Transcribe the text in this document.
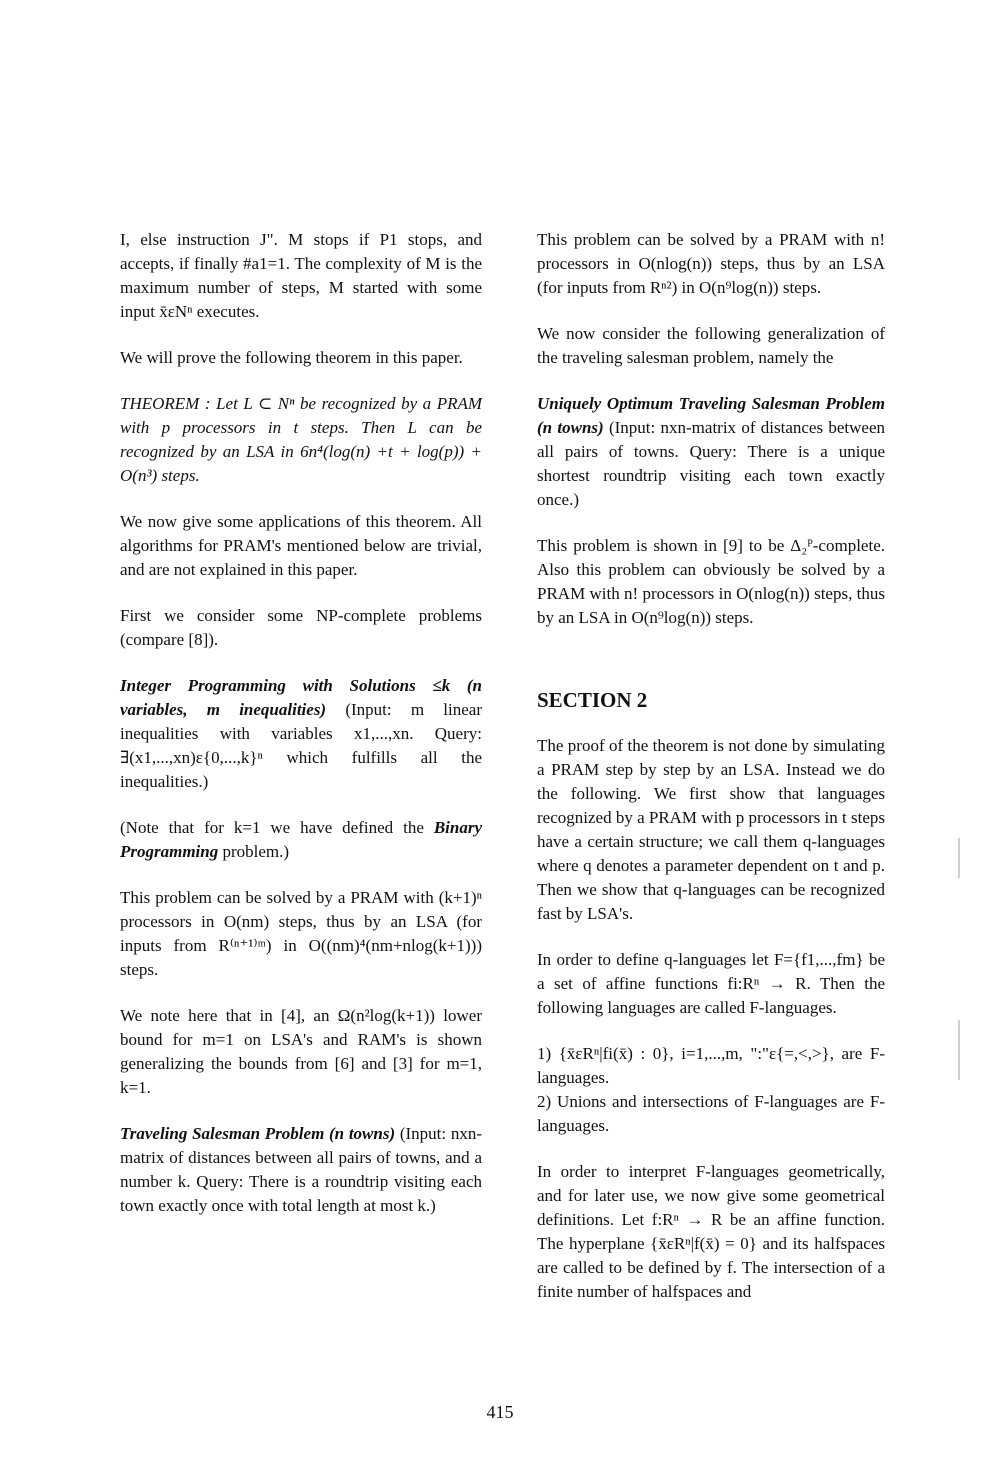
I, else instruction J". M stops if P1 stops, and accepts, if finally #a1=1. The complexity of M is the maximum number of steps, M started with some input x̄εNⁿ executes.

We will prove the following theorem in this paper.

THEOREM : Let L ⊂ Nⁿ be recognized by a PRAM with p processors in t steps. Then L can be recognized by an LSA in 6n⁴(log(n) +t + log(p)) + O(n³) steps.

We now give some applications of this theorem. All algorithms for PRAM's mentioned below are trivial, and are not explained in this paper.

First we consider some NP-complete problems (compare [8]).

Integer Programming with Solutions ≤k (n variables, m inequalities) (Input: m linear inequalities with variables x1,...,xn. Query: ∃(x1,...,xn)ε{0,...,k}ⁿ which fulfills all the inequalities.)

(Note that for k=1 we have defined the Binary Programming problem.)

This problem can be solved by a PRAM with (k+1)ⁿ processors in O(nm) steps, thus by an LSA (for inputs from R⁽ⁿ⁺¹⁾ᵐ) in O((nm)⁴(nm+nlog(k+1))) steps.

We note here that in [4], an Ω(n²log(k+1)) lower bound for m=1 on LSA's and RAM's is shown generalizing the bounds from [6] and [3] for m=1, k=1.

Traveling Salesman Problem (n towns) (Input: nxn-matrix of distances between all pairs of towns, and a number k. Query: There is a roundtrip visiting each town exactly once with total length at most k.)

This problem can be solved by a PRAM with n! processors in O(nlog(n)) steps, thus by an LSA (for inputs from Rⁿ²) in O(n⁹log(n)) steps.

We now consider the following generalization of the traveling salesman problem, namely the

Uniquely Optimum Traveling Salesman Problem (n towns) (Input: nxn-matrix of distances between all pairs of towns. Query: There is a unique shortest roundtrip visiting each town exactly once.)

This problem is shown in [9] to be Δ₂ᴾ-complete. Also this problem can obviously be solved by a PRAM with n! processors in O(nlog(n)) steps, thus by an LSA in O(n⁹log(n)) steps.

SECTION 2

The proof of the theorem is not done by simulating a PRAM step by step by an LSA. Instead we do the following. We first show that languages recognized by a PRAM with p processors in t steps have a certain structure; we call them q-languages where q denotes a parameter dependent on t and p. Then we show that q-languages can be recognized fast by LSA's.

In order to define q-languages let F={f1,...,fm} be a set of affine functions fi:Rⁿ → R. Then the following languages are called F-languages.

1) {x̄εRⁿ|fi(x̄) : 0}, i=1,...,m, ":"ε{=,<,>}, are F-languages.

2) Unions and intersections of F-languages are F-languages.

In order to interpret F-languages geometrically, and for later use, we now give some geometrical definitions. Let f:Rⁿ → R be an affine function. The hyperplane {x̄εRⁿ|f(x̄) = 0} and its halfspaces are called to be defined by f. The intersection of a finite number of halfspaces and

415
